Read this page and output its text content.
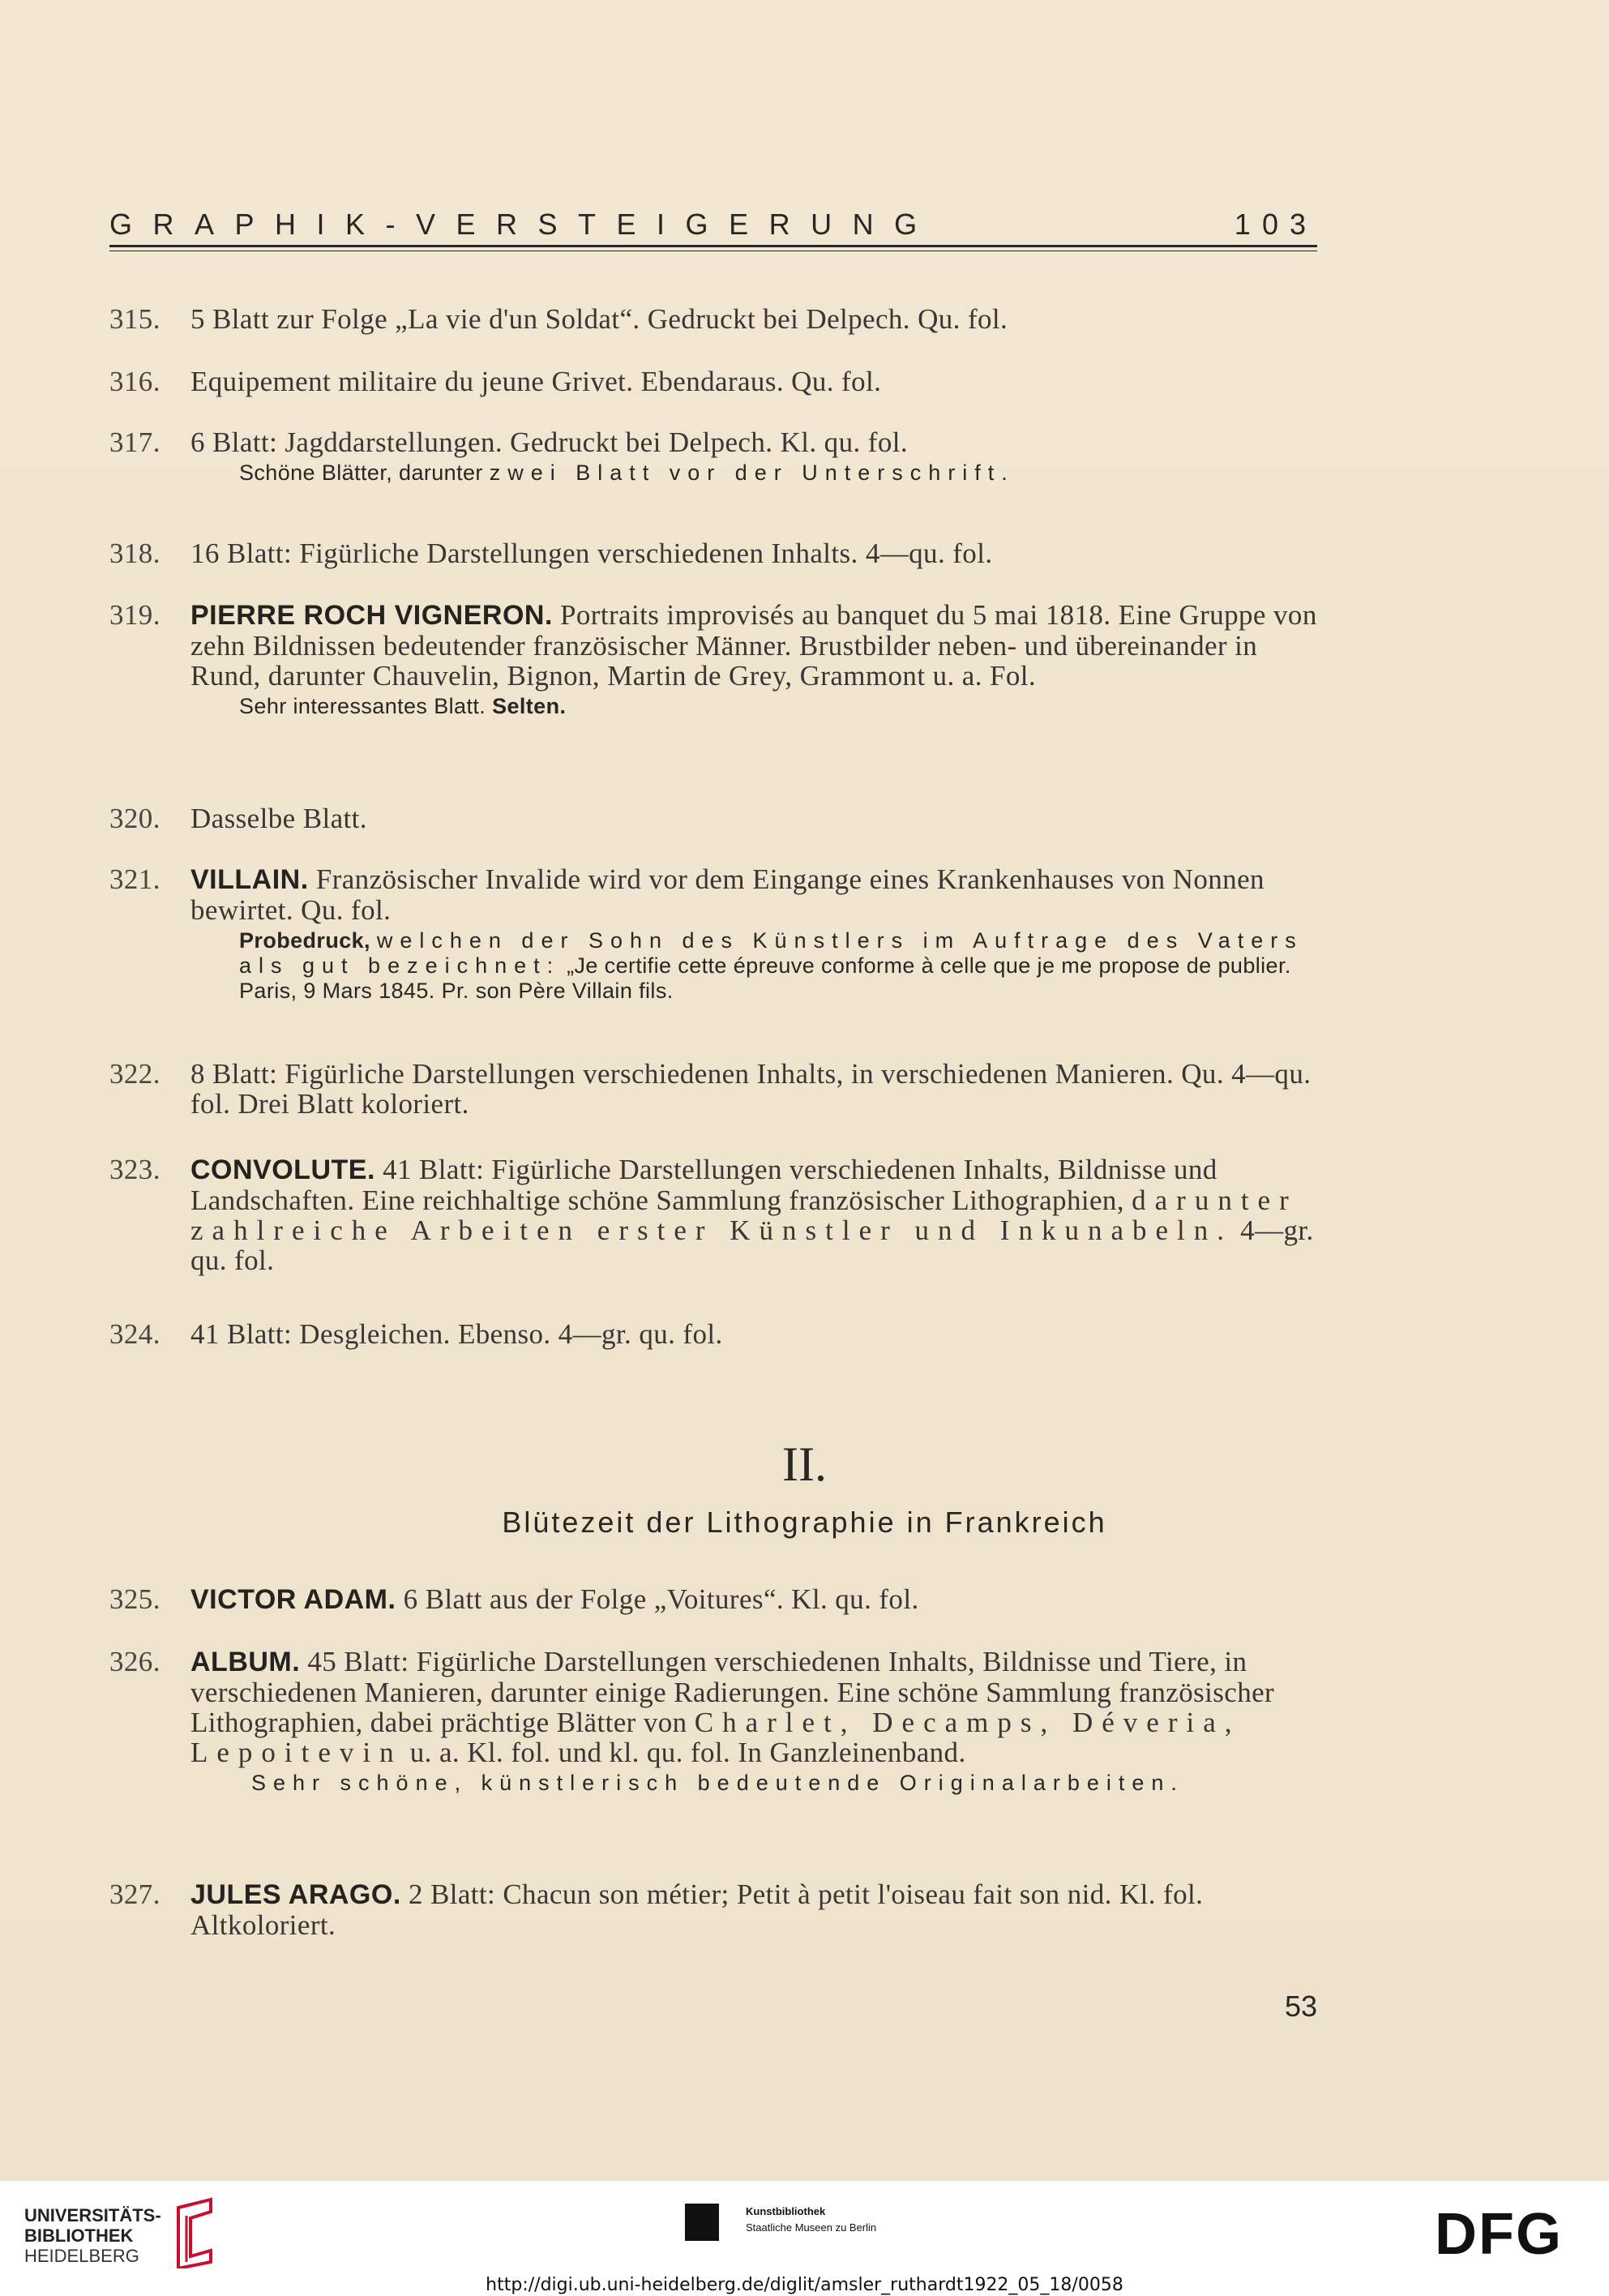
GRAPHIK-VERSTEIGERUNG	103
315.	5 Blatt zur Folge „La vie d'un Soldat“. Gedruckt bei Delpech. Qu. fol.
316.	Equipement militaire du jeune Grivet. Ebendaraus. Qu. fol.
317.	6 Blatt: Jagddarstellungen. Gedruckt bei Delpech. Kl. qu. fol.
Schöne Blätter, darunter zwei Blatt vor der Unterschrift.
318.	16 Blatt: Figürliche Darstellungen verschiedenen Inhalts. 4—qu. fol.
319.	PIERRE ROCH VIGNERON. Portraits improvisés au banquet du 5 mai 1818. Eine Gruppe von zehn Bildnissen bedeutender französischer Männer. Brustbilder neben- und übereinander in Rund, darunter Chauvelin, Bignon, Martin de Grey, Grammont u. a. Fol.
Sehr interessantes Blatt. Selten.
320.	Dasselbe Blatt.
321.	VILLAIN. Französischer Invalide wird vor dem Eingange eines Krankenhauses von Nonnen bewirtet. Qu. fol.
Probedruck, welchen der Sohn des Künstlers im Auftrage des Vaters als gut bezeichnet: „Je certifie cette épreuve conforme à celle que je me propose de publier. Paris, 9 Mars 1845. Pr. son Père Villain fils.
322.	8 Blatt: Figürliche Darstellungen verschiedenen Inhalts, in verschiedenen Manieren. Qu. 4—qu. fol. Drei Blatt koloriert.
323.	CONVOLUTE. 41 Blatt: Figürliche Darstellungen verschiedenen Inhalts, Bildnisse und Landschaften. Eine reichhaltige schöne Sammlung französischer Lithographien, darunter zahlreiche Arbeiten erster Künstler und Inkunabeln. 4—gr. qu. fol.
324.	41 Blatt: Desgleichen. Ebenso. 4—gr. qu. fol.
II.
Blütezeit der Lithographie in Frankreich
325.	VICTOR ADAM. 6 Blatt aus der Folge „Voitures“. Kl. qu. fol.
326.	ALBUM. 45 Blatt: Figürliche Darstellungen verschiedenen Inhalts, Bildnisse und Tiere, in verschiedenen Manieren, darunter einige Radierungen. Eine schöne Sammlung französischer Lithographien, dabei prächtige Blätter von Charlet, Decamps, Déveria, Lepoitevin u. a. Kl. fol. und kl. qu. fol. In Ganzleinenband.
Sehr schöne, künstlerisch bedeutende Originalarbeiten.
327.	JULES ARAGO. 2 Blatt: Chacun son métier; Petit à petit l'oiseau fait son nid. Kl. fol. Altkoloriert.
53
UNIVERSITÄTS-
BIBLIOTHEK
HEIDELBERG
Kunstbibliothek
Staatliche Museen zu Berlin	DFG
http://digi.ub.uni-heidelberg.de/diglit/amsler_ruthardt1922_05_18/0058
